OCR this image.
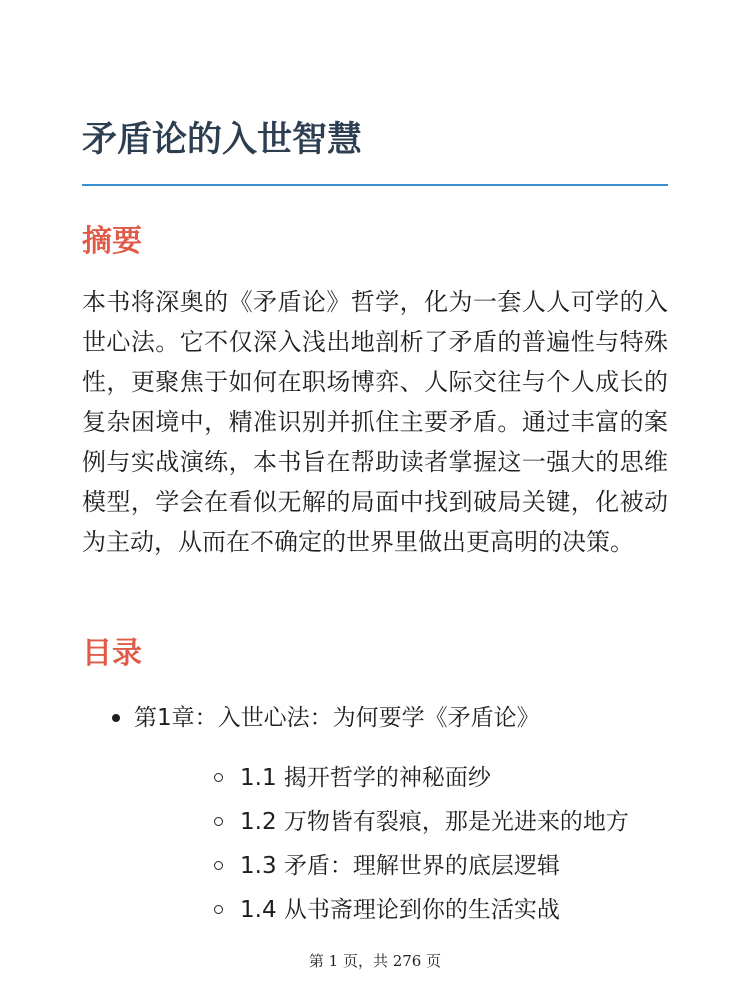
矛盾论的入世智慧
摘要

本书将深奥的《矛盾论》哲学，化为一套人人可学的入世心法。它不仅深入浅出地剖析了矛盾的普遍性与特殊性，更聚焦于如何在职场博弈、人际交往与个人成长的复杂困境中，精准识别并抓住主要矛盾。通过丰富的案例与实战演练，本书旨在帮助读者掌握这一强大的思维模型，学会在看似无解的局面中找到破局关键，化被动为主动，从而在不确定的世界里做出更高明的决策。

目录
第1章：入世心法：为何要学《矛盾论》
1.1 揭开哲学的神秘面纱
1.2 万物皆有裂痕，那是光进来的地方
1.3 矛盾：理解世界的底层逻辑
1.4 从书斋理论到你的生活实战
第 1 页，共 276 页
